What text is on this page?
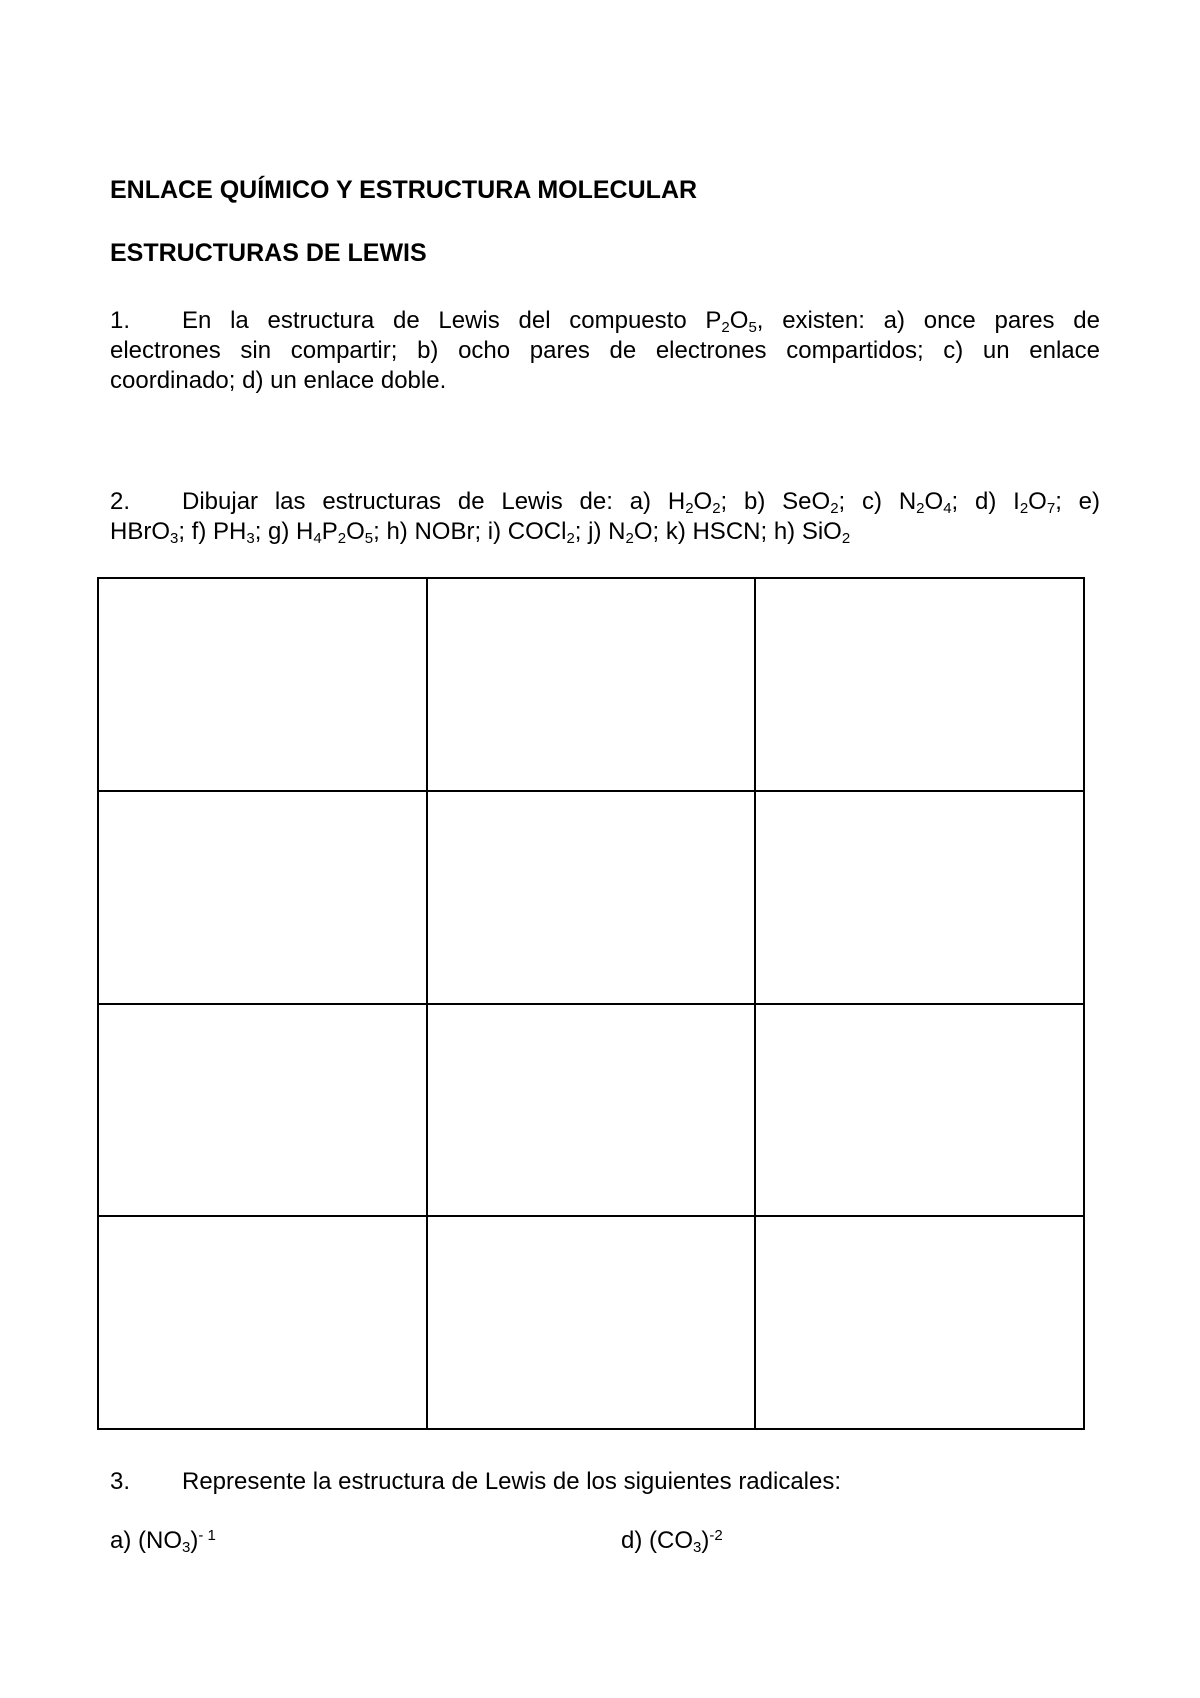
ENLACE QUÍMICO Y ESTRUCTURA MOLECULAR
ESTRUCTURAS DE LEWIS
1. En la estructura de Lewis del compuesto $P_2O_5$, existen: a) once pares de
electrones sin compartir; b) ocho pares de electrones compartidos; c) un enlace
coordinado; d) un enlace doble.
2. Dibujar las estructuras de Lewis de: a) $H_2O_2$; b) SeO$_2$; c) $N_2O_4$; d) $I_2O_7$; e)
HBrO$_3$; f) $PH_3$; g) $H_4P_2O_5$; h) NOBr; i) COCl$_2$; j) $N_2O$; k) HSCN; h) SiO$_2$

3. Represente la estructura de Lewis de los siguientes radicales:
a) $(NO_3)^{- 1}$	d) $(CO_3)^{-2}$
